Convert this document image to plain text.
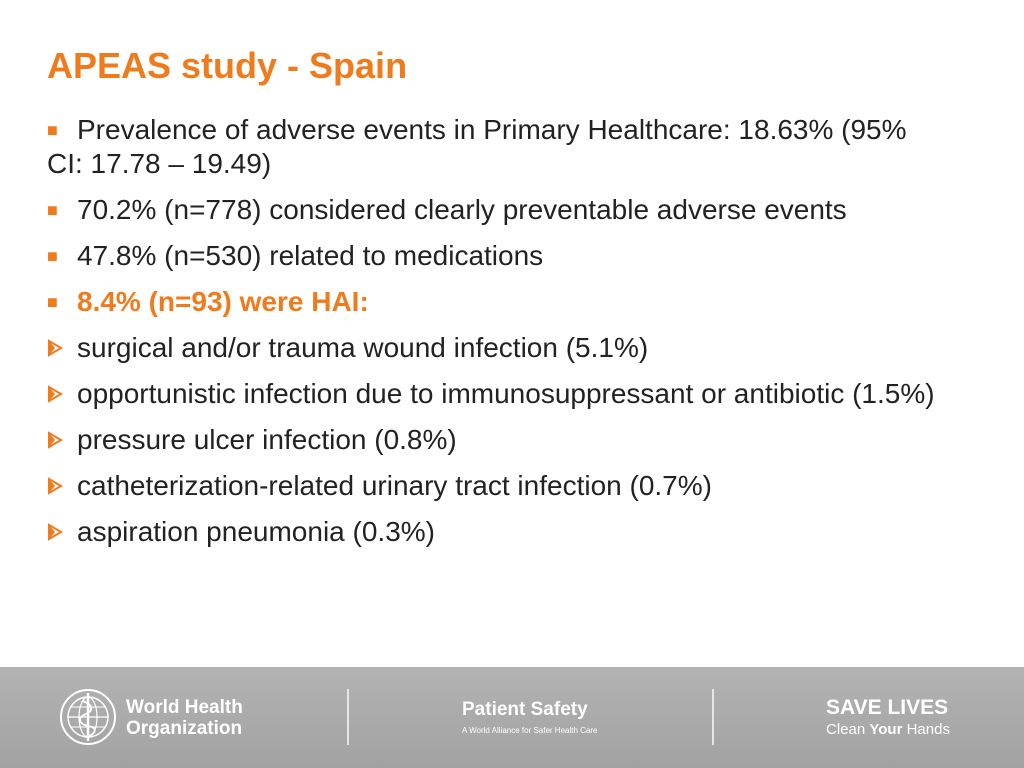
APEAS study - Spain
■ Prevalence of adverse events in Primary Healthcare: 18.63% (95% CI: 17.78 – 19.49)
■ 70.2% (n=778) considered clearly preventable adverse events
■ 47.8% (n=530) related to medications
■ 8.4% (n=93) were HAI:
surgical and/or trauma wound infection (5.1%)
opportunistic infection due to immunosuppressant or antibiotic (1.5%)
pressure ulcer infection (0.8%)
catheterization-related urinary tract infection (0.7%)
aspiration pneumonia (0.3%)
World Health
Organization
Patient Safety
A World Alliance for Safer Health Care
SAVE LIVES
Clean Your Hands
